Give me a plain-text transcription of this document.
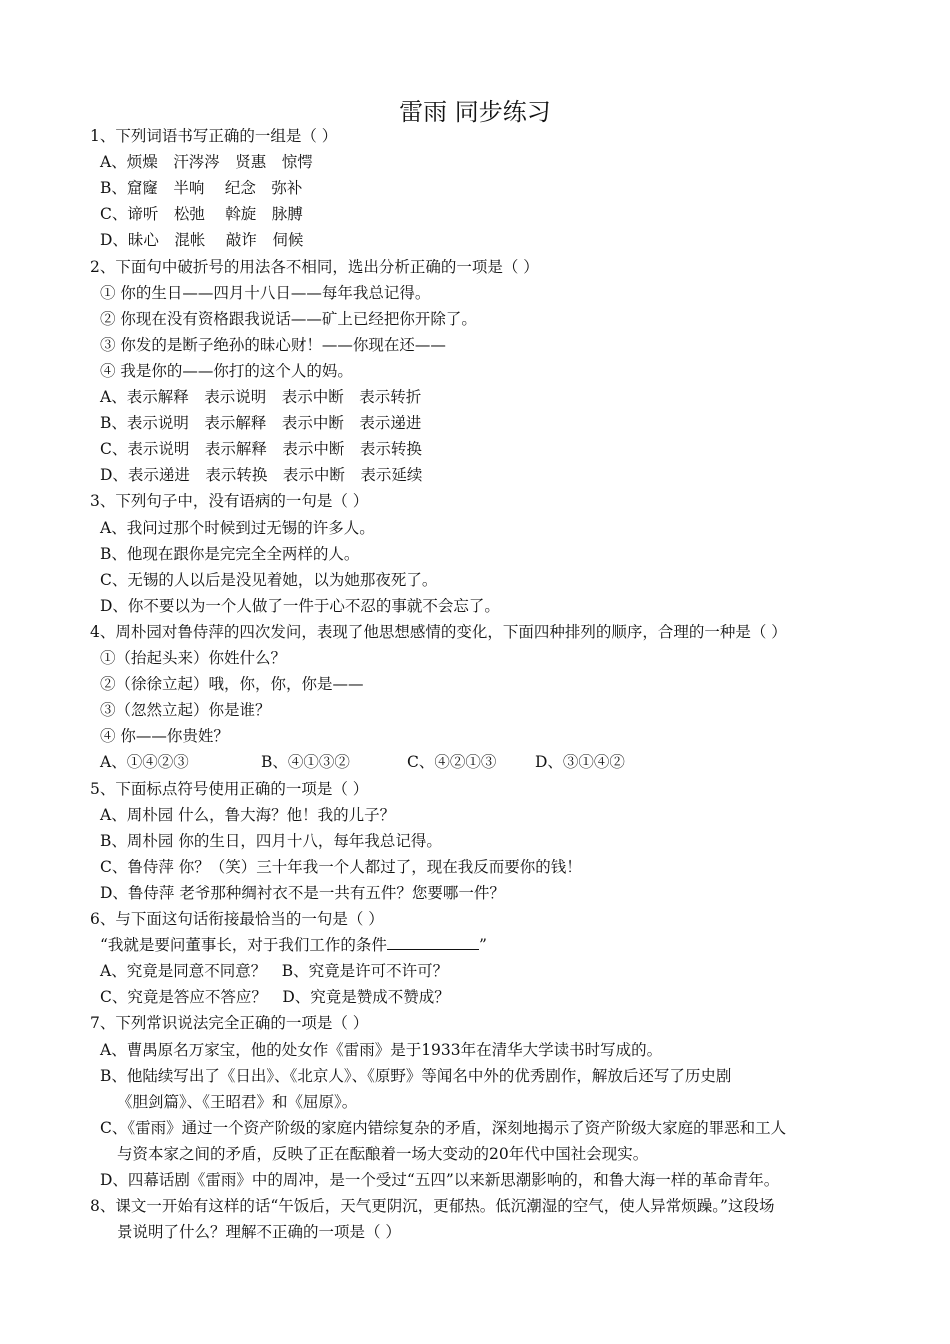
雷雨 同步练习
1、下列词语书写正确的一组是（ ）
A、烦燥　汗涔涔　贤惠　惊愕
B、窟窿　半响　 纪念　弥补
C、谛听　松弛　 斡旋　脉膊
D、昧心　混帐　 敲诈　伺候
2、下面句中破折号的用法各不相同，选出分析正确的一项是（ ）
① 你的生日——四月十八日——每年我总记得。
② 你现在没有资格跟我说话——矿上已经把你开除了。
③ 你发的是断子绝孙的昧心财！——你现在还——
④ 我是你的——你打的这个人的妈。
A、表示解释　表示说明　表示中断　表示转折
B、表示说明　表示解释　表示中断　表示递进
C、表示说明　表示解释　表示中断　表示转换
D、表示递进　表示转换　表示中断　表示延续
3、下列句子中，没有语病的一句是（ ）
A、我问过那个时候到过无锡的许多人。
B、他现在跟你是完完全全两样的人。
C、无锡的人以后是没见着她，以为她那夜死了。
D、你不要以为一个人做了一件于心不忍的事就不会忘了。
4、周朴园对鲁侍萍的四次发问，表现了他思想感情的变化，下面四种排列的顺序，合理的一种是（ ）
①（抬起头来）你姓什么？
②（徐徐立起）哦，你，你，你是——
③（忽然立起）你是谁？
④ 你——你贵姓？
A、①④②③	B、④①③②	C、④②①③ D、③①④②
5、下面标点符号使用正确的一项是（ ）
A、周朴园 什么，鲁大海？他！我的儿子？
B、周朴园 你的生日，四月十八，每年我总记得。
C、鲁侍萍 你？（笑）三十年我一个人都过了，现在我反而要你的钱！
D、鲁侍萍 老爷那种绸衬衣不是一共有五件？您要哪一件？
6、与下面这句话衔接最恰当的一句是（ ）
“我就是要问董事长，对于我们工作的条件	”
A、究竟是同意不同意？　B、究竟是许可不许可？
C、究竟是答应不答应？　D、究竟是赞成不赞成？
7、下列常识说法完全正确的一项是（ ）
A、曹禺原名万家宝，他的处女作《雷雨》是于1933年在清华大学读书时写成的。
B、他陆续写出了《日出》、《北京人》、《原野》等闻名中外的优秀剧作，解放后还写了历史剧
《胆剑篇》、《王昭君》和《屈原》。
C、《雷雨》通过一个资产阶级的家庭内错综复杂的矛盾，深刻地揭示了资产阶级大家庭的罪恶和工人
与资本家之间的矛盾，反映了正在酝酿着一场大变动的20年代中国社会现实。
D、四幕话剧《雷雨》中的周冲，是一个受过“五四”以来新思潮影响的，和鲁大海一样的革命青年。
8、课文一开始有这样的话“午饭后，天气更阴沉，更郁热。低沉潮湿的空气，使人异常烦躁。”这段场
景说明了什么？理解不正确的一项是（ ）
